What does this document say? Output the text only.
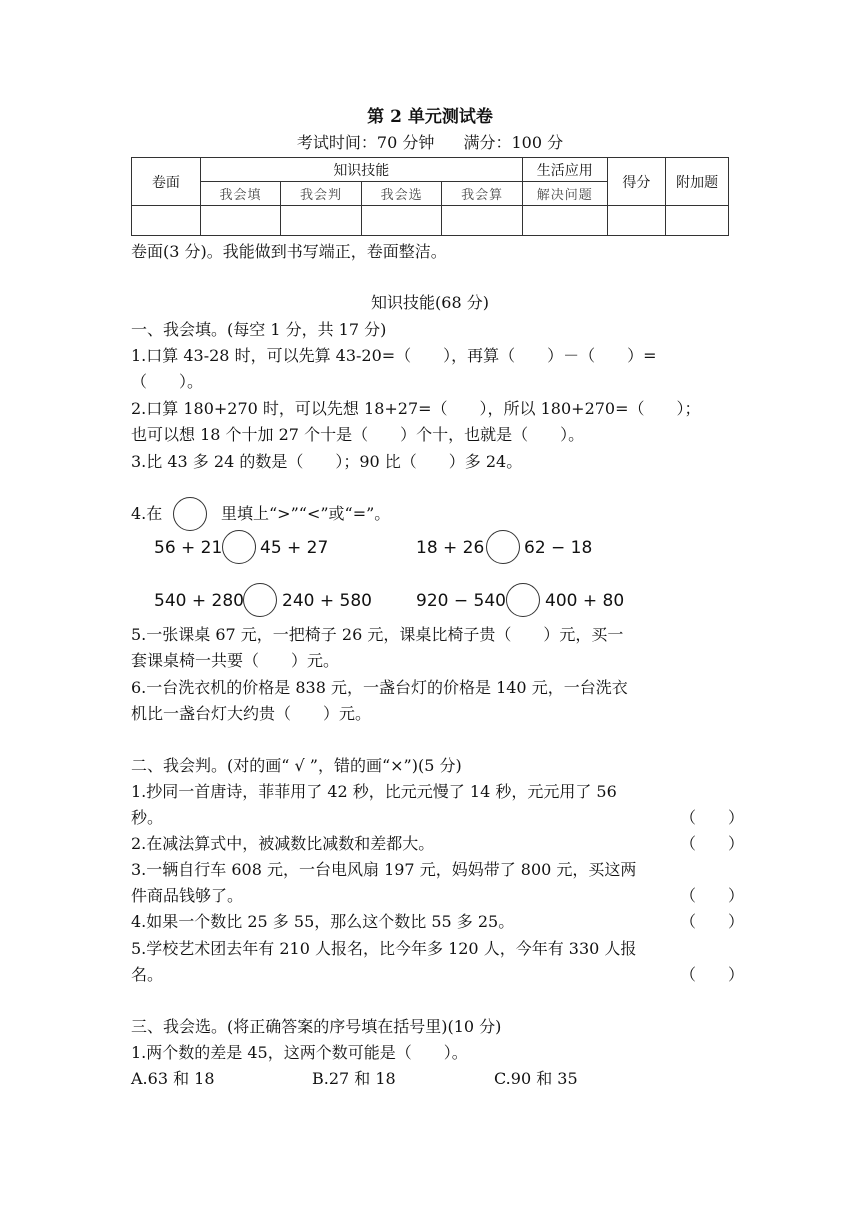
第 2 单元测试卷
考试时间：70 分钟 满分：100 分
卷面	知识技能				生活应用	得分	附加题
	我会填	我会判	我会选	我会算	解决问题		

卷面(3 分)。我能做到书写端正，卷面整洁。
知识技能(68 分)
一、我会填。(每空 1 分，共 17 分)
1.口算 43-28 时，可以先算 43-20=（　　），再算（　　）－（　　）=
（　　）。
2.口算 180+270 时，可以先想 18+27=（　　），所以 180+270=（　　）；
也可以想 18 个十加 27 个十是（　　）个十，也就是（　　）。
3.比 43 多 24 的数是（　　）；90 比（　　）多 24。
4.在	里填上“>”“<”或“=”。
56 + 21 45 + 27	18 + 26 62 − 18
540 + 280 240 + 580	920 − 540 400 + 80
5.一张课桌 67 元，一把椅子 26 元，课桌比椅子贵（　　）元，买一
套课桌椅一共要（　　）元。
6.一台洗衣机的价格是 838 元，一盏台灯的价格是 140 元，一台洗衣
机比一盏台灯大约贵（　　）元。
二、我会判。(对的画“ √ ”，错的画“×”)(5 分)
1.抄同一首唐诗，菲菲用了 42 秒，比元元慢了 14 秒，元元用了 56
秒。	（　　）
2.在减法算式中，被减数比减数和差都大。	（　　）
3.一辆自行车 608 元，一台电风扇 197 元，妈妈带了 800 元，买这两
件商品钱够了。	（　　）
4.如果一个数比 25 多 55，那么这个数比 55 多 25。	（　　）
5.学校艺术团去年有 210 人报名，比今年多 120 人，今年有 330 人报
名。	（　　）
三、我会选。(将正确答案的序号填在括号里)(10 分)
1.两个数的差是 45，这两个数可能是（　　）。
A.63 和 18	B.27 和 18	C.90 和 35
